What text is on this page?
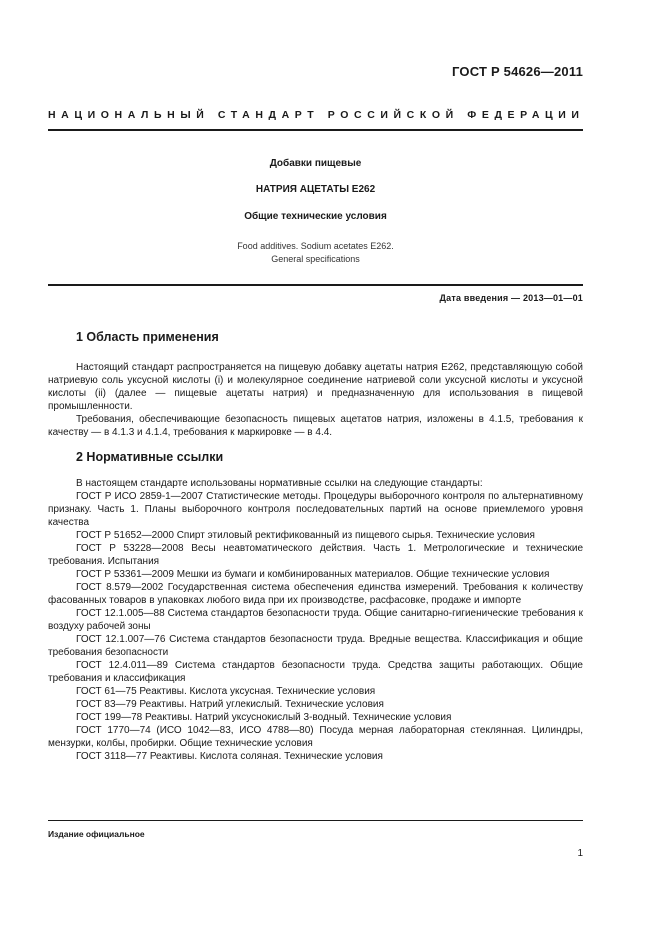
ГОСТ Р 54626—2011
НАЦИОНАЛЬНЫЙ СТАНДАРТ РОССИЙСКОЙ ФЕДЕРАЦИИ
Добавки пищевые
НАТРИЯ АЦЕТАТЫ Е262
Общие технические условия
Food additives. Sodium acetates E262.
General specifications
Дата введения — 2013—01—01
1 Область применения

Настоящий стандарт распространяется на пищевую добавку ацетаты натрия Е262, представляющую собой натриевую соль уксусной кислоты (i) и молекулярное соединение натриевой соли уксусной кислоты и уксусной кислоты (ii) (далее — пищевые ацетаты натрия) и предназначенную для использования в пищевой промышленности.

Требования, обеспечивающие безопасность пищевых ацетатов натрия, изложены в 4.1.5, требования к качеству — в 4.1.3 и 4.1.4, требования к маркировке — в 4.4.

2 Нормативные ссылки

В настоящем стандарте использованы нормативные ссылки на следующие стандарты:

ГОСТ Р ИСО 2859-1—2007 Статистические методы. Процедуры выборочного контроля по альтернативному признаку. Часть 1. Планы выборочного контроля последовательных партий на основе приемлемого уровня качества

ГОСТ Р 51652—2000 Спирт этиловый ректификованный из пищевого сырья. Технические условия

ГОСТ Р 53228—2008 Весы неавтоматического действия. Часть 1. Метрологические и технические требования. Испытания

ГОСТ Р 53361—2009 Мешки из бумаги и комбинированных материалов. Общие технические условия

ГОСТ 8.579—2002 Государственная система обеспечения единства измерений. Требования к количеству фасованных товаров в упаковках любого вида при их производстве, расфасовке, продаже и импорте

ГОСТ 12.1.005—88 Система стандартов безопасности труда. Общие санитарно-гигиенические требования к воздуху рабочей зоны

ГОСТ 12.1.007—76 Система стандартов безопасности труда. Вредные вещества. Классификация и общие требования безопасности

ГОСТ 12.4.011—89 Система стандартов безопасности труда. Средства защиты работающих. Общие требования и классификация

ГОСТ 61—75 Реактивы. Кислота уксусная. Технические условия

ГОСТ 83—79 Реактивы. Натрий углекислый. Технические условия

ГОСТ 199—78 Реактивы. Натрий уксуснокислый 3-водный. Технические условия

ГОСТ 1770—74 (ИСО 1042—83, ИСО 4788—80) Посуда мерная лабораторная стеклянная. Цилиндры, мензурки, колбы, пробирки. Общие технические условия

ГОСТ 3118—77 Реактивы. Кислота соляная. Технические условия

Издание официальное
1
